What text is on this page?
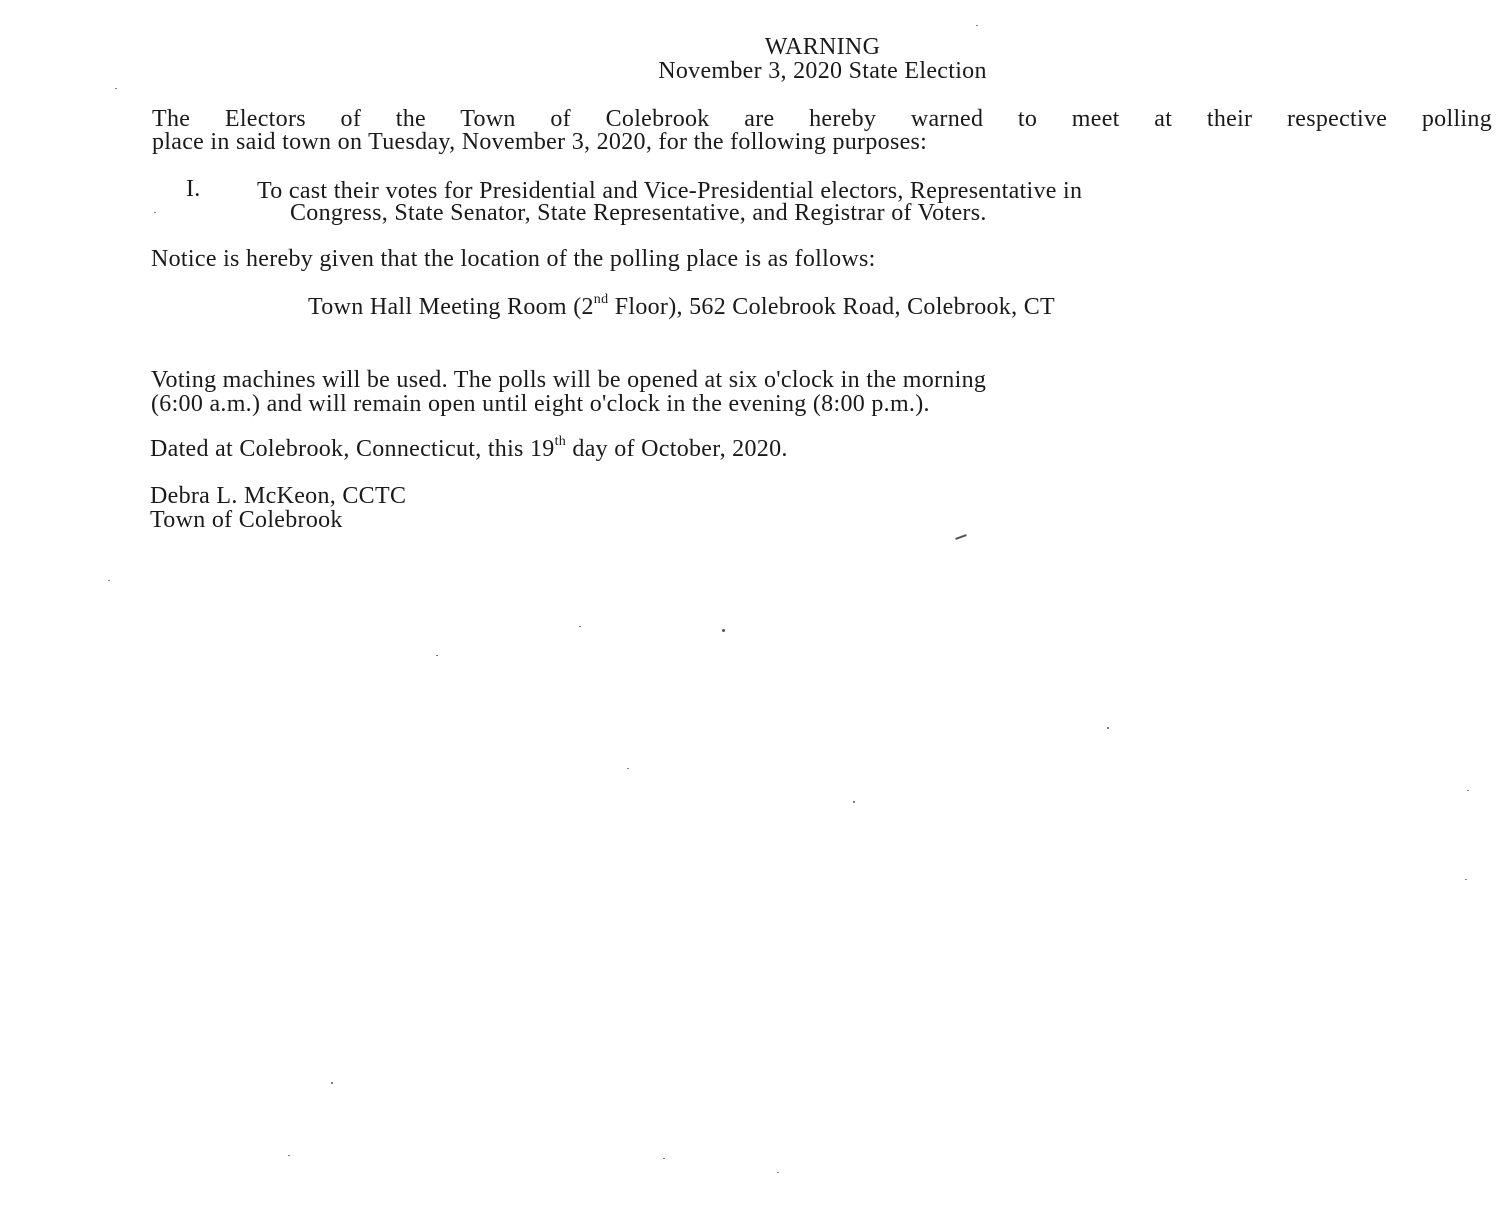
WARNING
November 3, 2020 State Election
The Electors of the Town of Colebrook are hereby warned to meet at their respective polling
place in said town on Tuesday, November 3, 2020, for the following purposes:
I. To cast their votes for Presidential and Vice-Presidential electors, Representative in
Congress, State Senator, State Representative, and Registrar of Voters.
Notice is hereby given that the location of the polling place is as follows:
Town Hall Meeting Room (2nd Floor), 562 Colebrook Road, Colebrook, CT
Voting machines will be used. The polls will be opened at six o'clock in the morning
(6:00 a.m.) and will remain open until eight o'clock in the evening (8:00 p.m.).
Dated at Colebrook, Connecticut, this 19th day of October, 2020.
Debra L. McKeon, CCTC
Town of Colebrook
